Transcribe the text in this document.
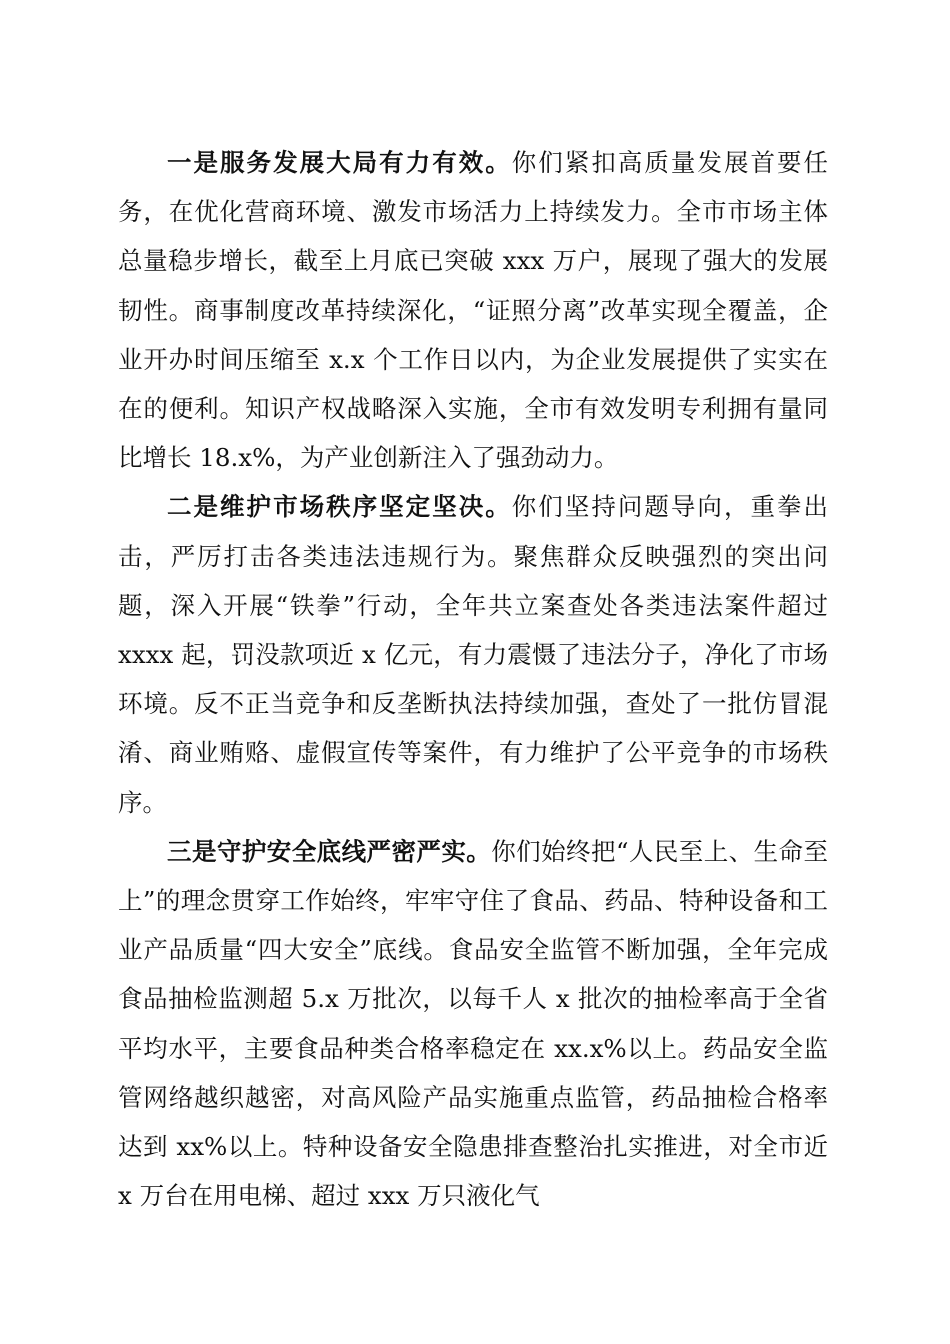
一是服务发展大局有力有效。你们紧扣高质量发展首要任务，在优化营商环境、激发市场活力上持续发力。全市市场主体总量稳步增长，截至上月底已突破 xxx 万户，展现了强大的发展韧性。商事制度改革持续深化，“证照分离”改革实现全覆盖，企业开办时间压缩至 x.x 个工作日以内，为企业发展提供了实实在在的便利。知识产权战略深入实施，全市有效发明专利拥有量同比增长 18.x%，为产业创新注入了强劲动力。

二是维护市场秩序坚定坚决。你们坚持问题导向，重拳出击，严厉打击各类违法违规行为。聚焦群众反映强烈的突出问题，深入开展“铁拳”行动，全年共立案查处各类违法案件超过 xxxx 起，罚没款项近 x 亿元，有力震慑了违法分子，净化了市场环境。反不正当竞争和反垄断执法持续加强，查处了一批仿冒混淆、商业贿赂、虚假宣传等案件，有力维护了公平竞争的市场秩序。

三是守护安全底线严密严实。你们始终把“人民至上、生命至上”的理念贯穿工作始终，牢牢守住了食品、药品、特种设备和工业产品质量“四大安全”底线。食品安全监管不断加强，全年完成食品抽检监测超 5.x 万批次，以每千人 x 批次的抽检率高于全省平均水平，主要食品种类合格率稳定在 xx.x%以上。药品安全监管网络越织越密，对高风险产品实施重点监管，药品抽检合格率达到 xx%以上。特种设备安全隐患排查整治扎实推进，对全市近 x 万台在用电梯、超过 xxx 万只液化气
